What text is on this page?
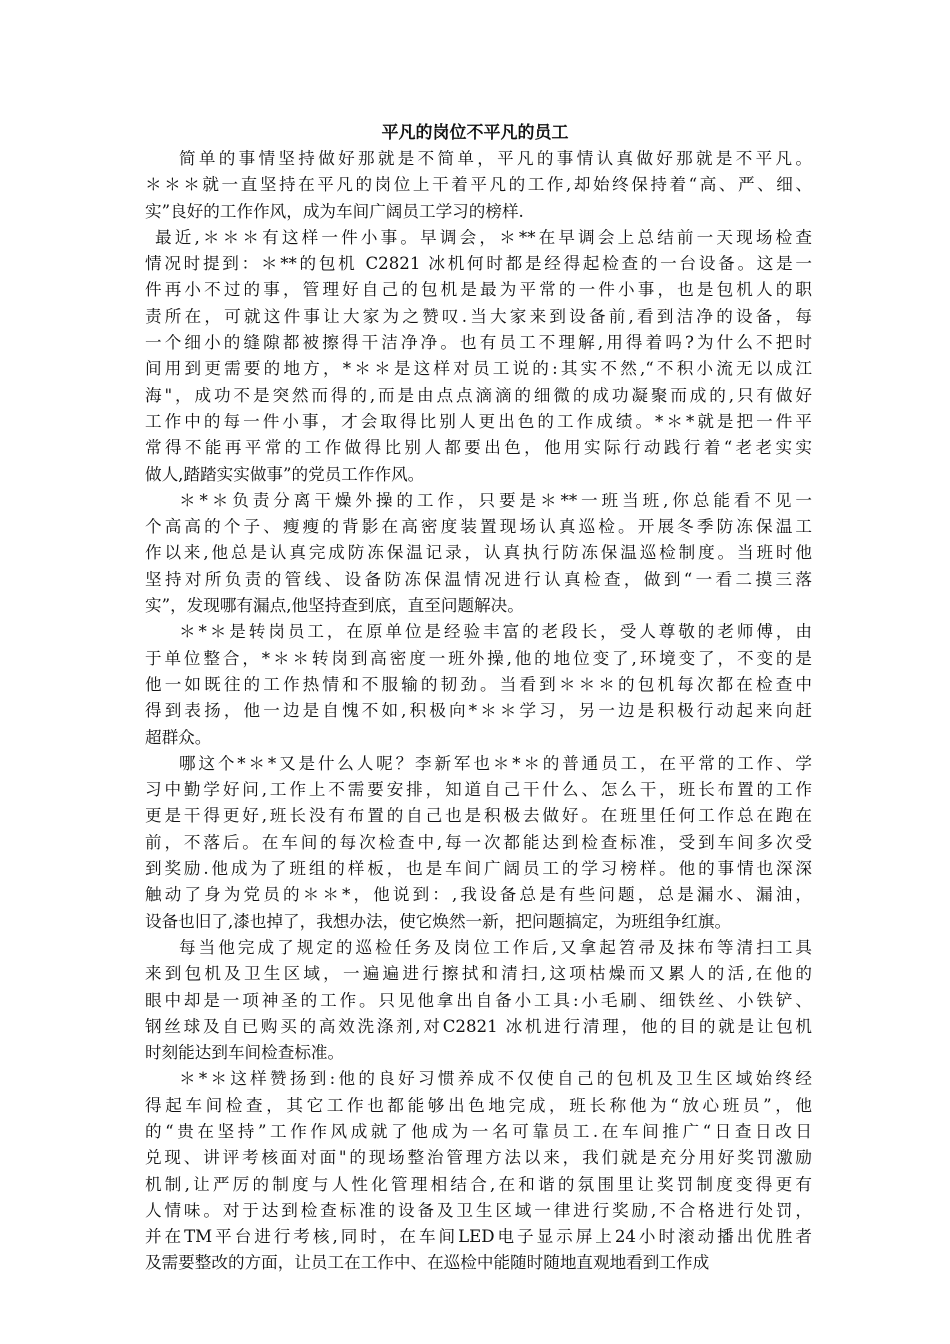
平凡的岗位不平凡的员工

简单的事情坚持做好那就是不简单，平凡的事情认真做好那就是不平凡。
＊＊＊就一直坚持在平凡的岗位上干着平凡的工作,却始终保持着“高、严、细、
实”良好的工作作风，成为车间广阔员工学习的榜样.

最近,＊＊＊有这样一件小事。早调会，＊**在早调会上总结前一天现场检查
情况时提到：＊**的包机 C2821 冰机何时都是经得起检查的一台设备。这是一
件再小不过的事，管理好自己的包机是最为平常的一件小事，也是包机人的职
责所在，可就这件事让大家为之赞叹.当大家来到设备前,看到洁净的设备，每
一个细小的缝隙都被擦得干洁净净。也有员工不理解,用得着吗?为什么不把时
间用到更需要的地方，*＊＊是这样对员工说的:其实不然,“不积小流无以成江
海"，成功不是突然而得的,而是由点点滴滴的细微的成功凝聚而成的,只有做好
工作中的每一件小事，才会取得比别人更出色的工作成绩。*＊*就是把一件平
常得不能再平常的工作做得比别人都要出色，他用实际行动践行着“老老实实
做人,踏踏实实做事”的党员工作作风。

＊*＊负责分离干燥外操的工作，只要是＊**一班当班,你总能看不见一
个高高的个子、瘦瘦的背影在高密度装置现场认真巡检。开展冬季防冻保温工
作以来,他总是认真完成防冻保温记录，认真执行防冻保温巡检制度。当班时他
坚持对所负责的管线、设备防冻保温情况进行认真检查，做到“一看二摸三落
实”，发现哪有漏点,他坚持查到底，直至问题解决。

＊*＊是转岗员工，在原单位是经验丰富的老段长，受人尊敬的老师傅，由
于单位整合，*＊＊转岗到高密度一班外操,他的地位变了,环境变了，不变的是
他一如既往的工作热情和不服输的韧劲。当看到＊＊＊的包机每次都在检查中
得到表扬，他一边是自愧不如,积极向*＊＊学习，另一边是积极行动起来向赶
超群众。

哪这个*＊*又是什么人呢？李新军也＊*＊的普通员工，在平常的工作、学
习中勤学好问,工作上不需要安排，知道自己干什么、怎么干，班长布置的工作
更是干得更好,班长没有布置的自己也是积极去做好。在班里任何工作总在跑在
前，不落后。在车间的每次检查中,每一次都能达到检查标准，受到车间多次受
到奖励.他成为了班组的样板，也是车间广阔员工的学习榜样。他的事情也深深
触动了身为党员的＊＊*，他说到：,我设备总是有些问题，总是漏水、漏油，
设备也旧了,漆也掉了，我想办法，使它焕然一新，把问题搞定，为班组争红旗。

每当他完成了规定的巡检任务及岗位工作后,又拿起笤帚及抹布等清扫工具
来到包机及卫生区域，一遍遍进行擦拭和清扫,这项枯燥而又累人的活,在他的
眼中却是一项神圣的工作。只见他拿出自备小工具:小毛刷、细铁丝、小铁铲、
钢丝球及自已购买的高效洗涤剂,对C2821 冰机进行清理，他的目的就是让包机
时刻能达到车间检查标准。

＊*＊这样赞扬到:他的良好习惯养成不仅使自己的包机及卫生区域始终经
得起车间检查，其它工作也都能够出色地完成，班长称他为“放心班员”，他
的“贵在坚持”工作作风成就了他成为一名可靠员工.在车间推广“日查日改日
兑现、讲评考核面对面"的现场整治管理方法以来，我们就是充分用好奖罚激励
机制,让严厉的制度与人性化管理相结合,在和谐的氛围里让奖罚制度变得更有
人情味。对于达到检查标准的设备及卫生区域一律进行奖励,不合格进行处罚，
并在TM平台进行考核,同时，在车间LED电子显示屏上24小时滚动播出优胜者
及需要整改的方面，让员工在工作中、在巡检中能随时随地直观地看到工作成
